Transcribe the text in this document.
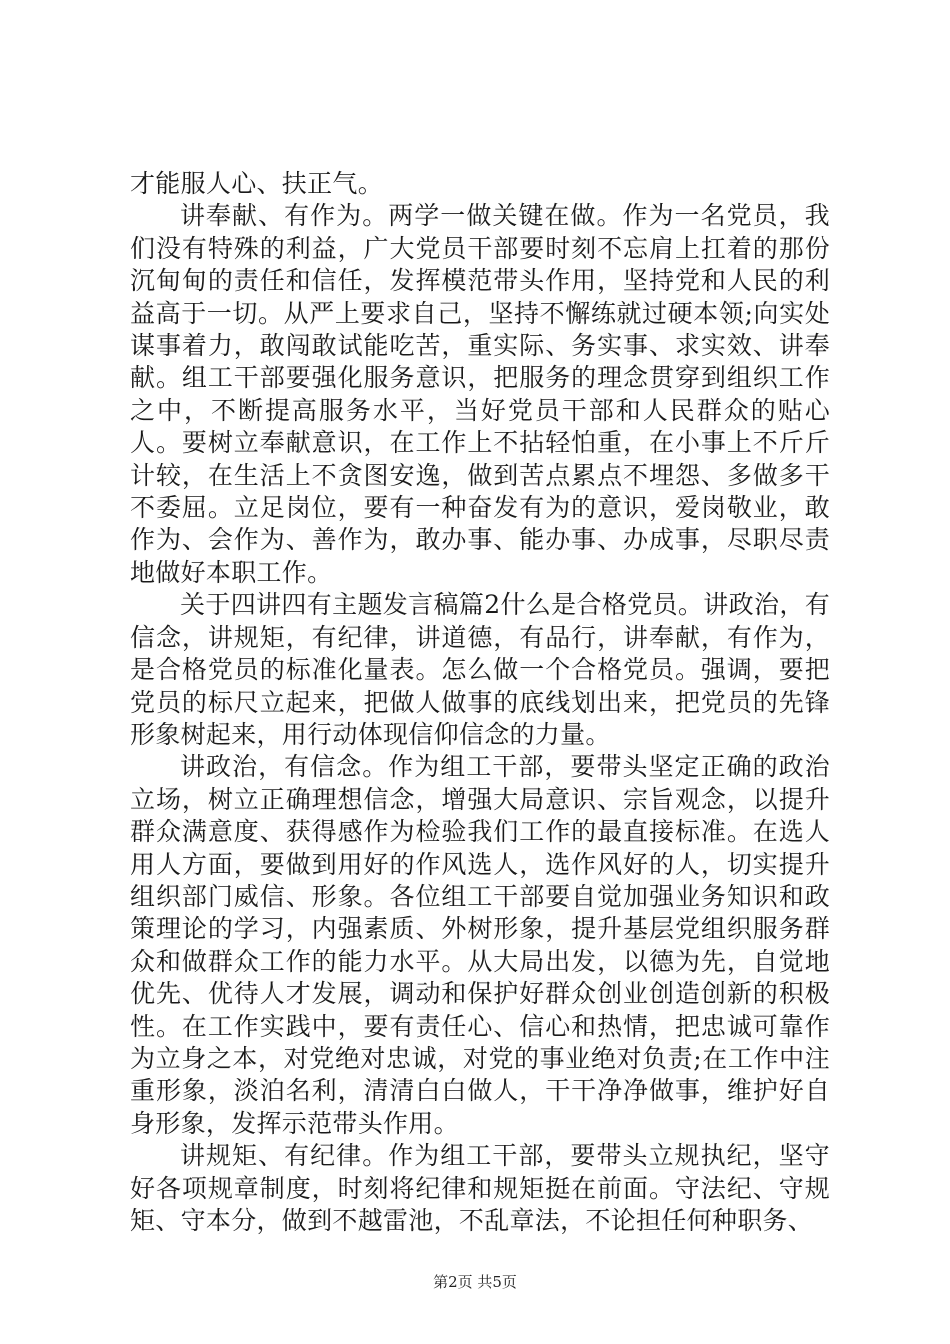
才能服人心、扶正气。

讲奉献、有作为。两学一做关键在做。作为一名党员，我们没有特殊的利益，广大党员干部要时刻不忘肩上扛着的那份沉甸甸的责任和信任，发挥模范带头作用，坚持党和人民的利益高于一切。从严上要求自己，坚持不懈练就过硬本领;向实处谋事着力，敢闯敢试能吃苦，重实际、务实事、求实效、讲奉献。组工干部要强化服务意识，把服务的理念贯穿到组织工作之中，不断提高服务水平，当好党员干部和人民群众的贴心人。要树立奉献意识，在工作上不拈轻怕重，在小事上不斤斤计较，在生活上不贪图安逸，做到苦点累点不埋怨、多做多干不委屈。立足岗位，要有一种奋发有为的意识，爱岗敬业，敢作为、会作为、善作为，敢办事、能办事、办成事，尽职尽责地做好本职工作。

关于四讲四有主题发言稿篇2什么是合格党员。讲政治，有信念，讲规矩，有纪律，讲道德，有品行，讲奉献，有作为，是合格党员的标准化量表。怎么做一个合格党员。强调，要把党员的标尺立起来，把做人做事的底线划出来，把党员的先锋形象树起来，用行动体现信仰信念的力量。

讲政治，有信念。作为组工干部，要带头坚定正确的政治立场，树立正确理想信念，增强大局意识、宗旨观念，以提升群众满意度、获得感作为检验我们工作的最直接标准。在选人用人方面，要做到用好的作风选人，选作风好的人，切实提升组织部门威信、形象。各位组工干部要自觉加强业务知识和政策理论的学习，内强素质、外树形象，提升基层党组织服务群众和做群众工作的能力水平。从大局出发，以德为先，自觉地优先、优待人才发展，调动和保护好群众创业创造创新的积极性。在工作实践中，要有责任心、信心和热情，把忠诚可靠作为立身之本，对党绝对忠诚，对党的事业绝对负责;在工作中注重形象，淡泊名利，清清白白做人，干干净净做事，维护好自身形象，发挥示范带头作用。

讲规矩、有纪律。作为组工干部，要带头立规执纪，坚守好各项规章制度，时刻将纪律和规矩挺在前面。守法纪、守规矩、守本分，做到不越雷池，不乱章法，不论担任何种职务、

第2页 共5页
